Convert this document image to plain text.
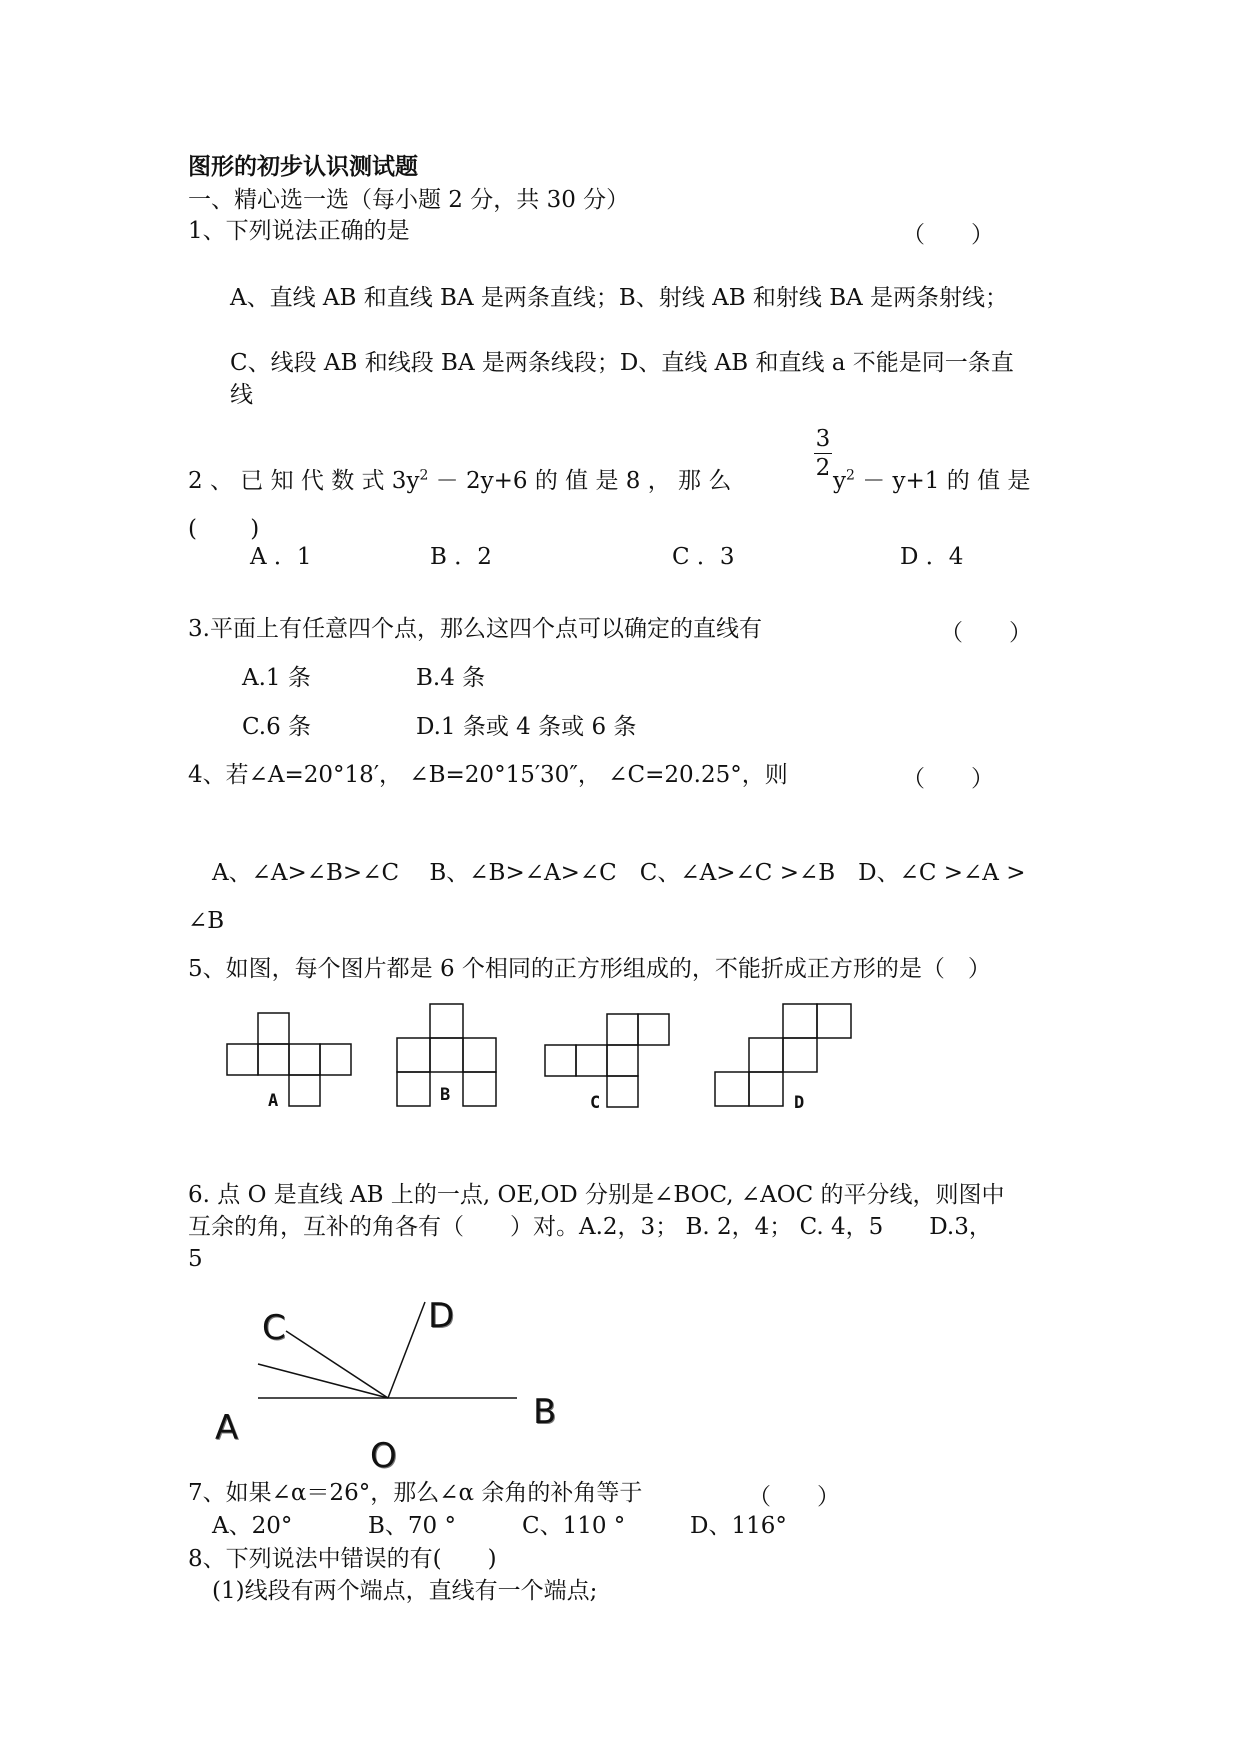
图形的初步认识测试题
一、精心选一选（每小题 2 分，共 30 分）
1、下列说法正确的是	（　　）
A、直线 AB 和直线 BA 是两条直线；B、射线 AB 和射线 BA 是两条射线；
C、线段 AB 和线段 BA 是两条线段；D、直线 AB 和直线 a 不能是同一条直
线
2 、 已 知 代 数 式 $3y^2 - 2y+6$ 的 值 是 8 ， 那 么
3
2 $y^2 - y+1$ 的 值 是
(　　 )
A ．1	B ．2	C ．3	D ．4
3.平面上有任意四个点，那么这四个点可以确定的直线有	（　　）
A.1 条	B.4 条
C.6 条	D.1 条或 4 条或 6 条
4、若∠A=20°18′， ∠B=20°15′30″， ∠C=20.25°，则	（　　）
A、∠A>∠B>∠C　 B、∠B>∠A>∠C　C、∠A>∠C >∠B　D、∠C >∠A >
∠B
5、如图，每个图片都是 6 个相同的正方形组成的，不能折成正方形的是（　）
A	B	C	D
6. 点 O 是直线 AB 上的一点, OE,OD 分别是∠BOC, ∠AOC 的平分线，则图中
互余的角，互补的角各有（　　）对。A.2，3； B. 2，4； C. 4，5　　D.3，
5
C	D
B
A
O
7、如果∠α＝26°，那么∠α 余角的补角等于	（　　）
A、20°	B、70 °	C、110 °	D、116°
8、下列说法中错误的有(　　)
(1)线段有两个端点，直线有一个端点;
